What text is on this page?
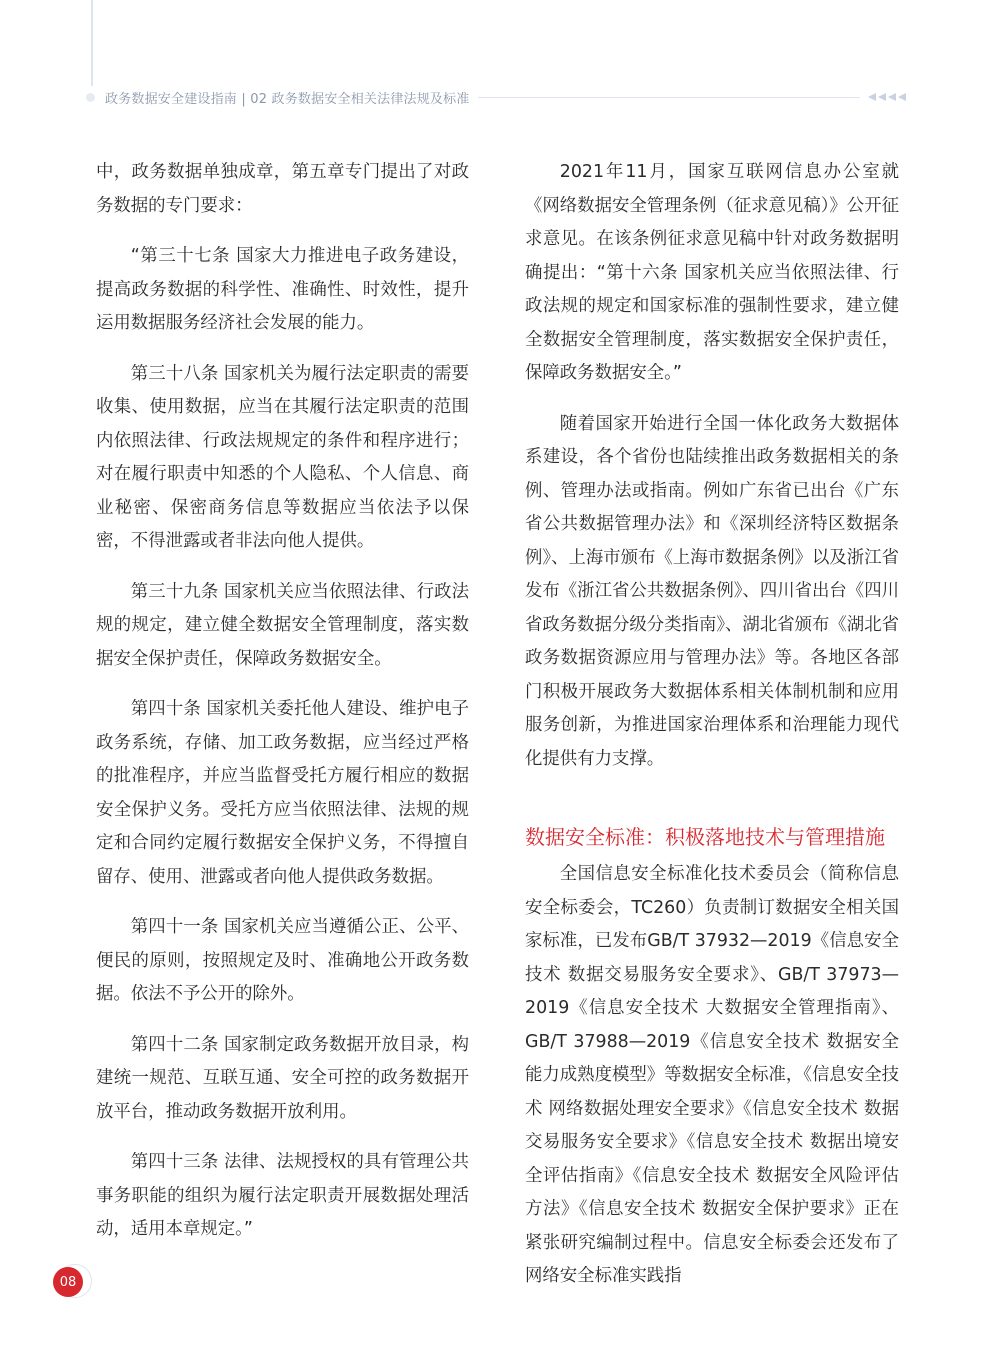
政务数据安全建设指南 | 02 政务数据安全相关法律法规及标准

中，政务数据单独成章，第五章专门提出了对政务数据的专门要求：

“第三十七条 国家大力推进电子政务建设，提高政务数据的科学性、准确性、时效性，提升运用数据服务经济社会发展的能力。

第三十八条 国家机关为履行法定职责的需要收集、使用数据，应当在其履行法定职责的范围内依照法律、行政法规规定的条件和程序进行；对在履行职责中知悉的个人隐私、个人信息、商业秘密、保密商务信息等数据应当依法予以保密，不得泄露或者非法向他人提供。

第三十九条 国家机关应当依照法律、行政法规的规定，建立健全数据安全管理制度，落实数据安全保护责任，保障政务数据安全。

第四十条 国家机关委托他人建设、维护电子政务系统，存储、加工政务数据，应当经过严格的批准程序，并应当监督受托方履行相应的数据安全保护义务。受托方应当依照法律、法规的规定和合同约定履行数据安全保护义务，不得擅自留存、使用、泄露或者向他人提供政务数据。

第四十一条 国家机关应当遵循公正、公平、便民的原则，按照规定及时、准确地公开政务数据。依法不予公开的除外。

第四十二条 国家制定政务数据开放目录，构建统一规范、互联互通、安全可控的政务数据开放平台，推动政务数据开放利用。

第四十三条 法律、法规授权的具有管理公共事务职能的组织为履行法定职责开展数据处理活动，适用本章规定。”

2021年11月，国家互联网信息办公室就《网络数据安全管理条例（征求意见稿）》公开征求意见。在该条例征求意见稿中针对政务数据明确提出：“第十六条 国家机关应当依照法律、行政法规的规定和国家标准的强制性要求，建立健全数据安全管理制度，落实数据安全保护责任，保障政务数据安全。”

随着国家开始进行全国一体化政务大数据体系建设，各个省份也陆续推出政务数据相关的条例、管理办法或指南。例如广东省已出台《广东省公共数据管理办法》和《深圳经济特区数据条例》、上海市颁布《上海市数据条例》以及浙江省发布《浙江省公共数据条例》、四川省出台《四川省政务数据分级分类指南》、湖北省颁布《湖北省政务数据资源应用与管理办法》等。各地区各部门积极开展政务大数据体系相关体制机制和应用服务创新，为推进国家治理体系和治理能力现代化提供有力支撑。

数据安全标准：积极落地技术与管理措施

全国信息安全标准化技术委员会（简称信息安全标委会，TC260）负责制订数据安全相关国家标准，已发布GB/T 37932—2019《信息安全技术 数据交易服务安全要求》、GB/T 37973—2019《信息安全技术 大数据安全管理指南》、GB/T 37988—2019《信息安全技术 数据安全能力成熟度模型》等数据安全标准，《信息安全技术 网络数据处理安全要求》《信息安全技术 数据交易服务安全要求》《信息安全技术 数据出境安全评估指南》《信息安全技术 数据安全风险评估方法》《信息安全技术 数据安全保护要求》正在紧张研究编制过程中。信息安全标委会还发布了网络安全标准实践指

08
